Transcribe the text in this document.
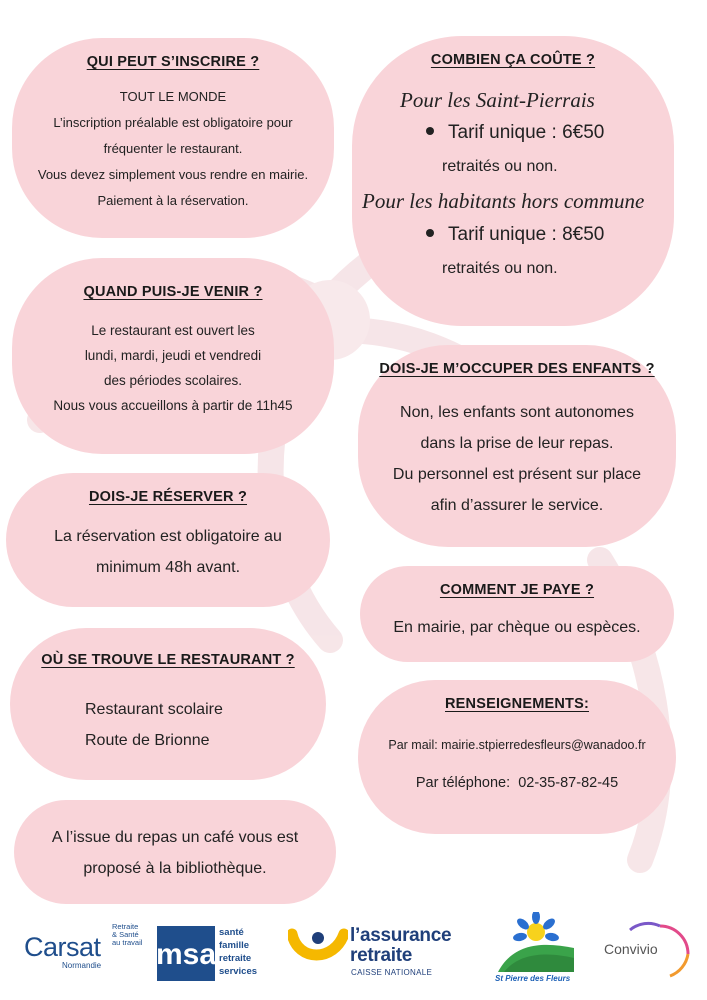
QUI PEUT S’INSCRIRE ?

TOUT LE MONDE

L’inscription préalable est obligatoire pour

fréquenter le restaurant.

Vous devez simplement vous rendre en mairie.

Paiement à la réservation.

COMBIEN ÇA COÛTE ?

Pour les Saint-Pierrais

Tarif unique : 6€50

retraités ou non.

Pour les habitants hors commune

Tarif unique : 8€50

retraités ou non.

QUAND PUIS-JE VENIR ?

Le restaurant est ouvert les

lundi, mardi, jeudi et vendredi

des périodes scolaires.

Nous vous accueillons à partir de 11h45

DOIS-JE M’OCCUPER DES ENFANTS ?

Non, les enfants sont autonomes

dans la prise de leur repas.

Du personnel est présent sur place

afin d’assurer le service.

DOIS-JE RÉSERVER ?

La réservation est obligatoire au

minimum 48h avant.

COMMENT JE PAYE ?

En mairie, par chèque ou espèces.

OÙ SE TROUVE LE RESTAURANT ?

Restaurant scolaire

Route de Brionne

RENSEIGNEMENTS:

Par mail: mairie.stpierredesfleurs@wanadoo.fr

Par téléphone:  02-35-87-82-45

A l’issue du repas un café vous est

proposé à la bibliothèque.

Carsat
Retraite
& Santé
au travail
Normandie msa
santé
famille
retraite
services
l’assurance
retraite
CAISSE NATIONALE
St Pierre des Fleurs
Convivio
